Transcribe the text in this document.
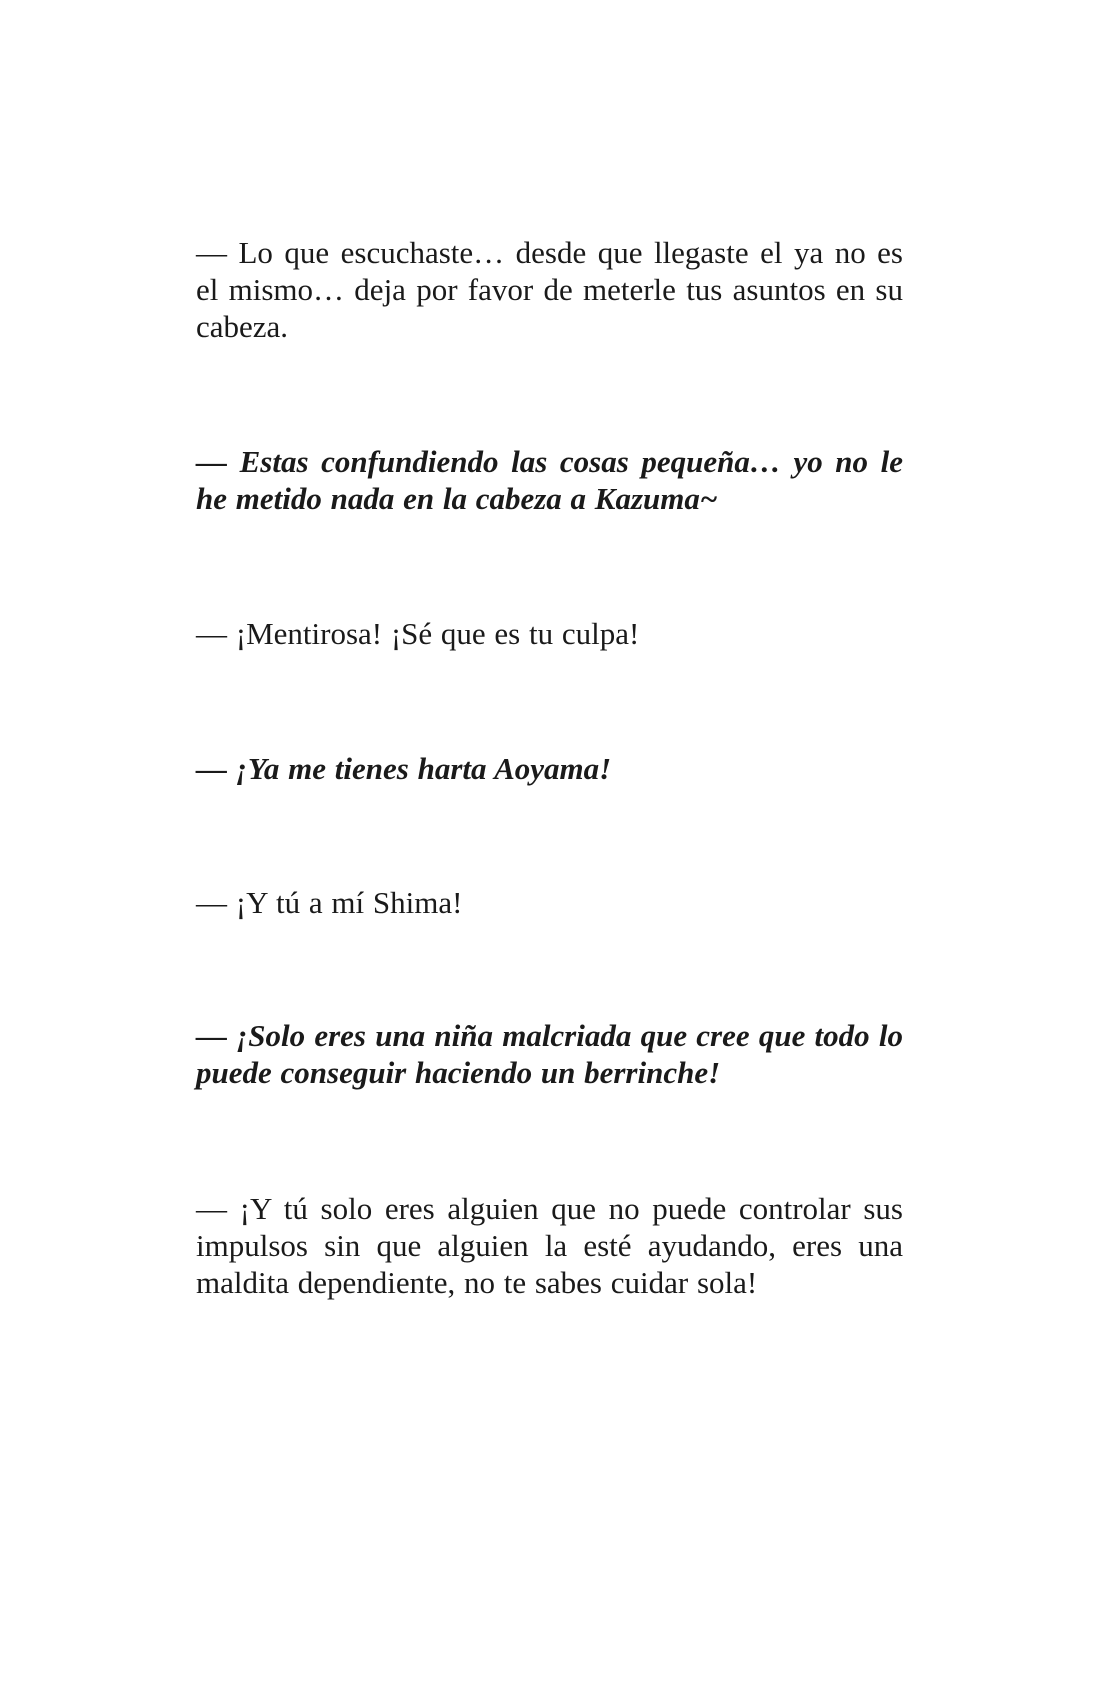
— Lo que escuchaste… desde que llegaste el ya no es el mismo… deja por favor de meterle tus asuntos en su cabeza.

— Estas confundiendo las cosas pequeña… yo no le he metido nada en la cabeza a Kazuma~

— ¡Mentirosa! ¡Sé que es tu culpa!

— ¡Ya me tienes harta Aoyama!

— ¡Y tú a mí Shima!

— ¡Solo eres una niña malcriada que cree que todo lo puede conseguir haciendo un berrinche!

— ¡Y tú solo eres alguien que no puede controlar sus impulsos sin que alguien la esté ayudando, eres una maldita dependiente, no te sabes cuidar sola!
